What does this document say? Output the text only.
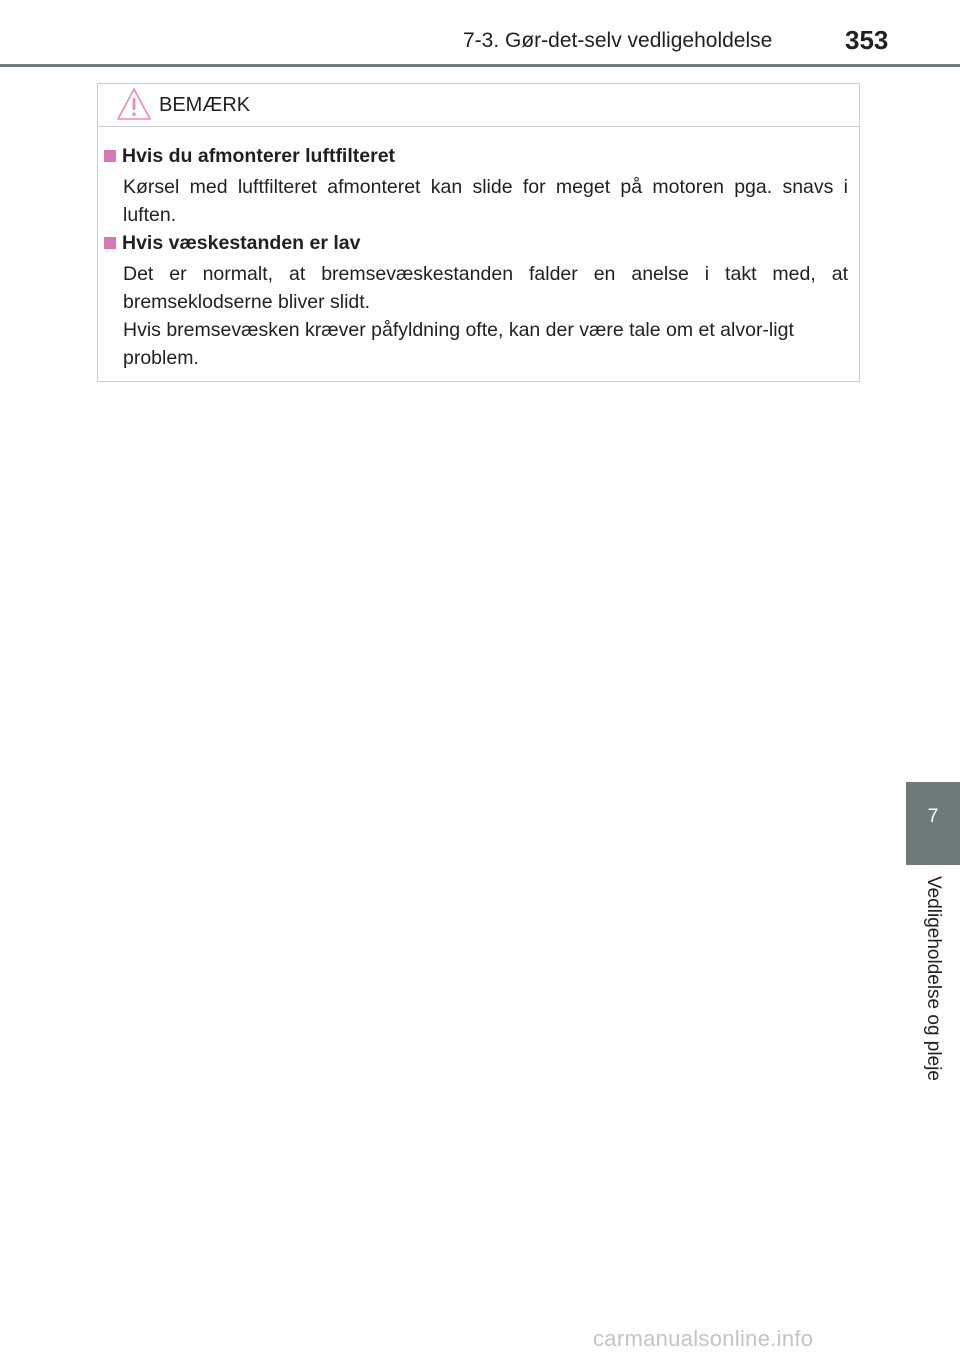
7-3. Gør-det-selv vedligeholdelse	353
BEMÆRK
Hvis du afmonterer luftfilteret

Kørsel med luftfilteret afmonteret kan slide for meget på motoren pga. snavs i luften.

Hvis væskestanden er lav

Det er normalt, at bremsevæskestanden falder en anelse i takt med, at bremseklodserne bliver slidt.

Hvis bremsevæsken kræver påfyldning ofte, kan der være tale om et alvor-ligt problem.

7
Vedligeholdelse og pleje
carmanualsonline.info
